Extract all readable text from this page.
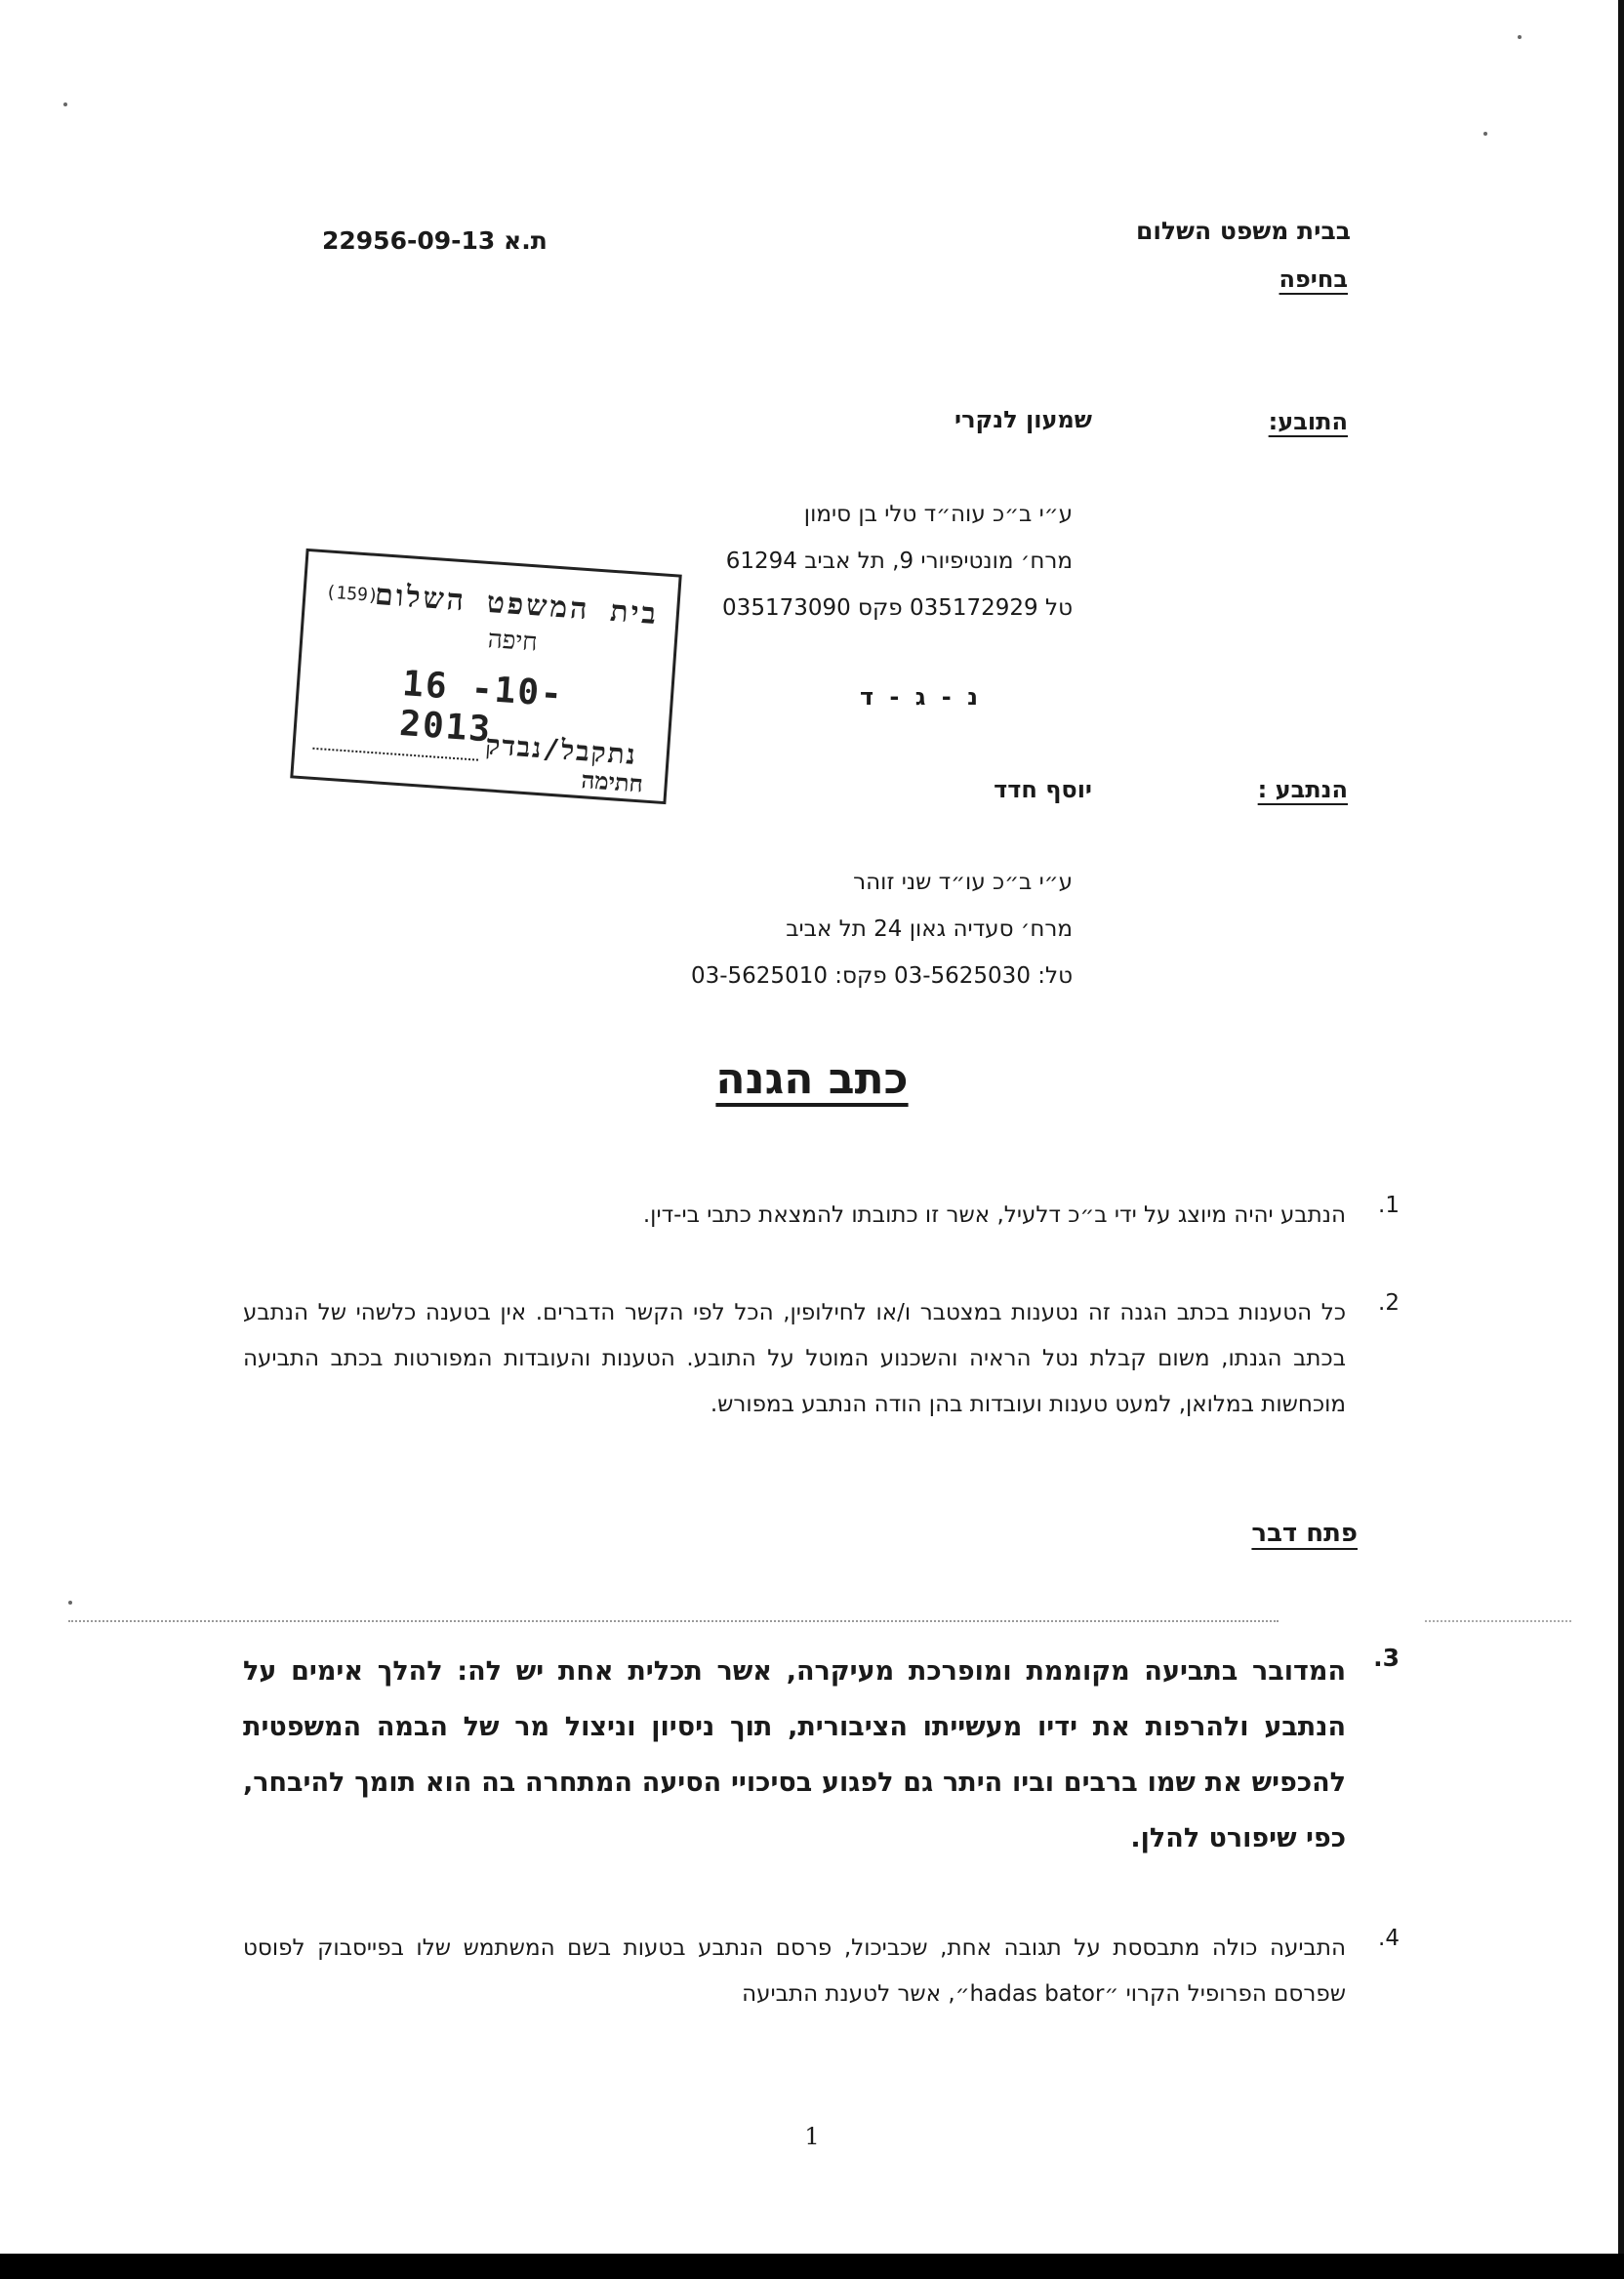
בבית משפט השלום
בחיפה
ת.א 22956-09-13
התובע:
שמעון לנקרי
ע״י ב״כ עוה״ד טלי בן סימון
מרח׳ מונטיפיורי 9, תל אביב 61294
טל 035172929 פקס 035173090
נ - ג - ד
הנתבע :
יוסף חדד
ע״י ב״כ עו״ד שני זוהר
מרח׳ סעדיה גאון 24 תל אביב
טל: 03-5625030 פקס: 03-5625010
בית המשפט השלום
(159)
חיפה
16 -10- 2013
נתקבל/נבדק
חתימה
כתב הגנה
1.
הנתבע יהיה מיוצג על ידי ב״כ דלעיל, אשר זו כתובתו להמצאת כתבי בי-דין.
2.
כל הטענות בכתב הגנה זה נטענות במצטבר ו/או לחילופין, הכל לפי הקשר הדברים. אין בטענה כלשהי של הנתבע בכתב הגנתו, משום קבלת נטל הראיה והשכנוע המוטל על התובע. הטענות והעובדות המפורטות בכתב התביעה מוכחשות במלואן, למעט טענות ועובדות בהן הודה הנתבע במפורש.
פתח דבר
3.
המדובר בתביעה מקוממת ומופרכת מעיקרה, אשר תכלית אחת יש לה: להלך אימים על הנתבע ולהרפות את ידיו מעשייתו הציבורית, תוך ניסיון וניצול מר של הבמה המשפטית להכפיש את שמו ברבים וביו היתר גם לפגוע בסיכויי הסיעה המתחרה בה הוא תומך להיבחר, כפי שיפורט להלן.
4.
התביעה כולה מתבססת על תגובה אחת, שכביכול, פרסם הנתבע בטעות בשם המשתמש שלו בפייסבוק לפוסט שפרסם הפרופיל הקרוי ״hadas bator״, אשר לטענת התביעה
1
